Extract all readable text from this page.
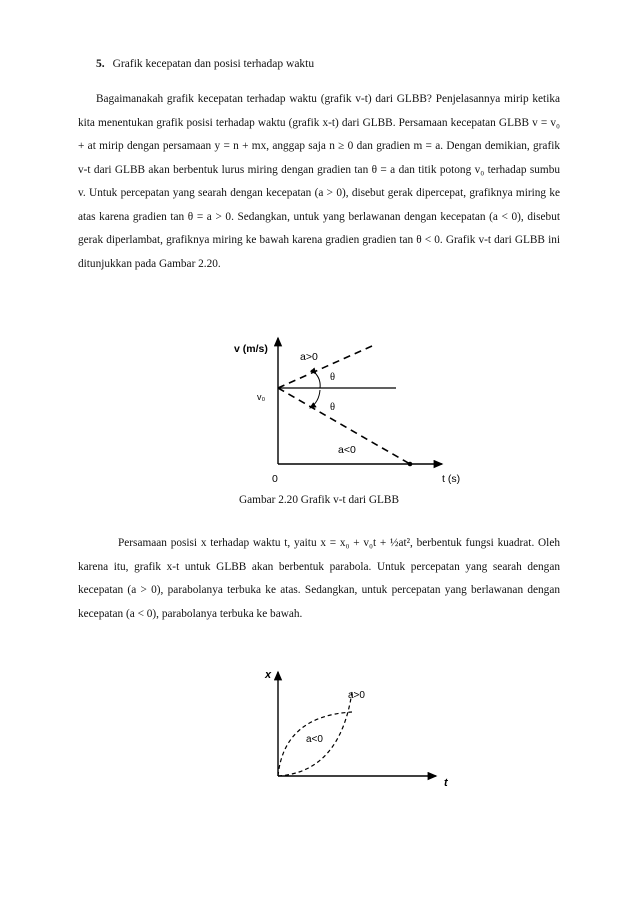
5. Grafik kecepatan dan posisi terhadap waktu
Bagaimanakah grafik kecepatan terhadap waktu (grafik v-t) dari GLBB? Penjelasannya mirip ketika kita menentukan grafik posisi terhadap waktu (grafik x-t) dari GLBB. Persamaan kecepatan GLBB v = v₀ + at mirip dengan persamaan y = n + mx, anggap saja n ≥ 0 dan gradien m = a. Dengan demikian, grafik v-t dari GLBB akan berbentuk lurus miring dengan gradien tan θ = a dan titik potong v₀ terhadap sumbu v. Untuk percepatan yang searah dengan kecepatan (a > 0), disebut gerak dipercepat, grafiknya miring ke atas karena gradien tan θ = a > 0. Sedangkan, untuk yang berlawanan dengan kecepatan (a < 0), disebut gerak diperlambat, grafiknya miring ke bawah karena gradien gradien tan θ < 0. Grafik v-t dari GLBB ini ditunjukkan pada Gambar 2.20.
v (m/s)
t (s)
0
v₀
a>0
a<0
θ
θ
Gambar 2.20 Grafik v-t dari GLBB
Persamaan posisi x terhadap waktu t, yaitu x = x₀ + v₀t + ½at², berbentuk fungsi kuadrat. Oleh karena itu, grafik x-t untuk GLBB akan berbentuk parabola. Untuk percepatan yang searah dengan kecepatan (a > 0), parabolanya terbuka ke atas. Sedangkan, untuk percepatan yang berlawanan dengan kecepatan (a < 0), parabolanya terbuka ke bawah.
x
t
a>0
a<0
